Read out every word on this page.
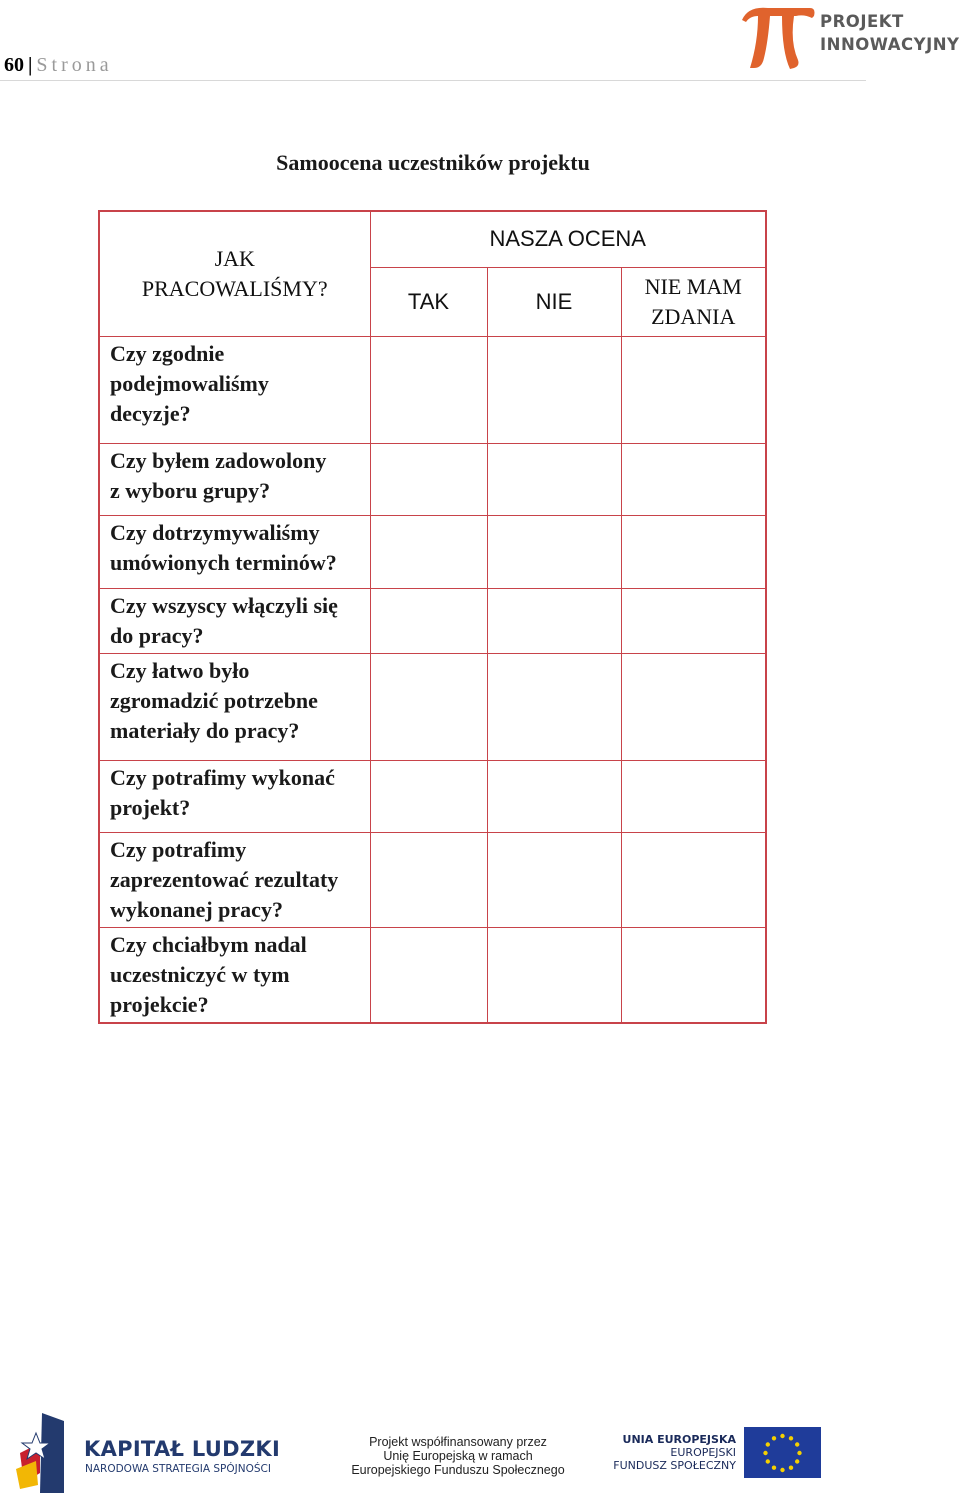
60 | Strona
PROJEKT
INNOWACYJNY
Samoocena uczestników projektu
JAK PRACOWALIŚMY?	NASZA OCENA		
	TAK	NIE	NIE MAM ZDANIA

Czy zgodnie
podejmowaliśmy
decyzje?			
Czy byłem zadowolony
z wyboru grupy?			
Czy dotrzymywaliśmy
umówionych terminów?			
Czy wszyscy włączyli się
do pracy?			
Czy łatwo było
zgromadzić potrzebne
materiały do pracy?			
Czy potrafimy wykonać
projekt?			
Czy potrafimy
zaprezentować rezultaty
wykonanej pracy?			
Czy chciałbym nadal
uczestniczyć w tym
projekcie?			
KAPITAŁ LUDZKI
NARODOWA STRATEGIA SPÓJNOŚCI
Projekt współfinansowany przez
Unię Europejską w ramach
Europejskiego Funduszu Społecznego
UNIA EUROPEJSKA
EUROPEJSKI
FUNDUSZ SPOŁECZNY
